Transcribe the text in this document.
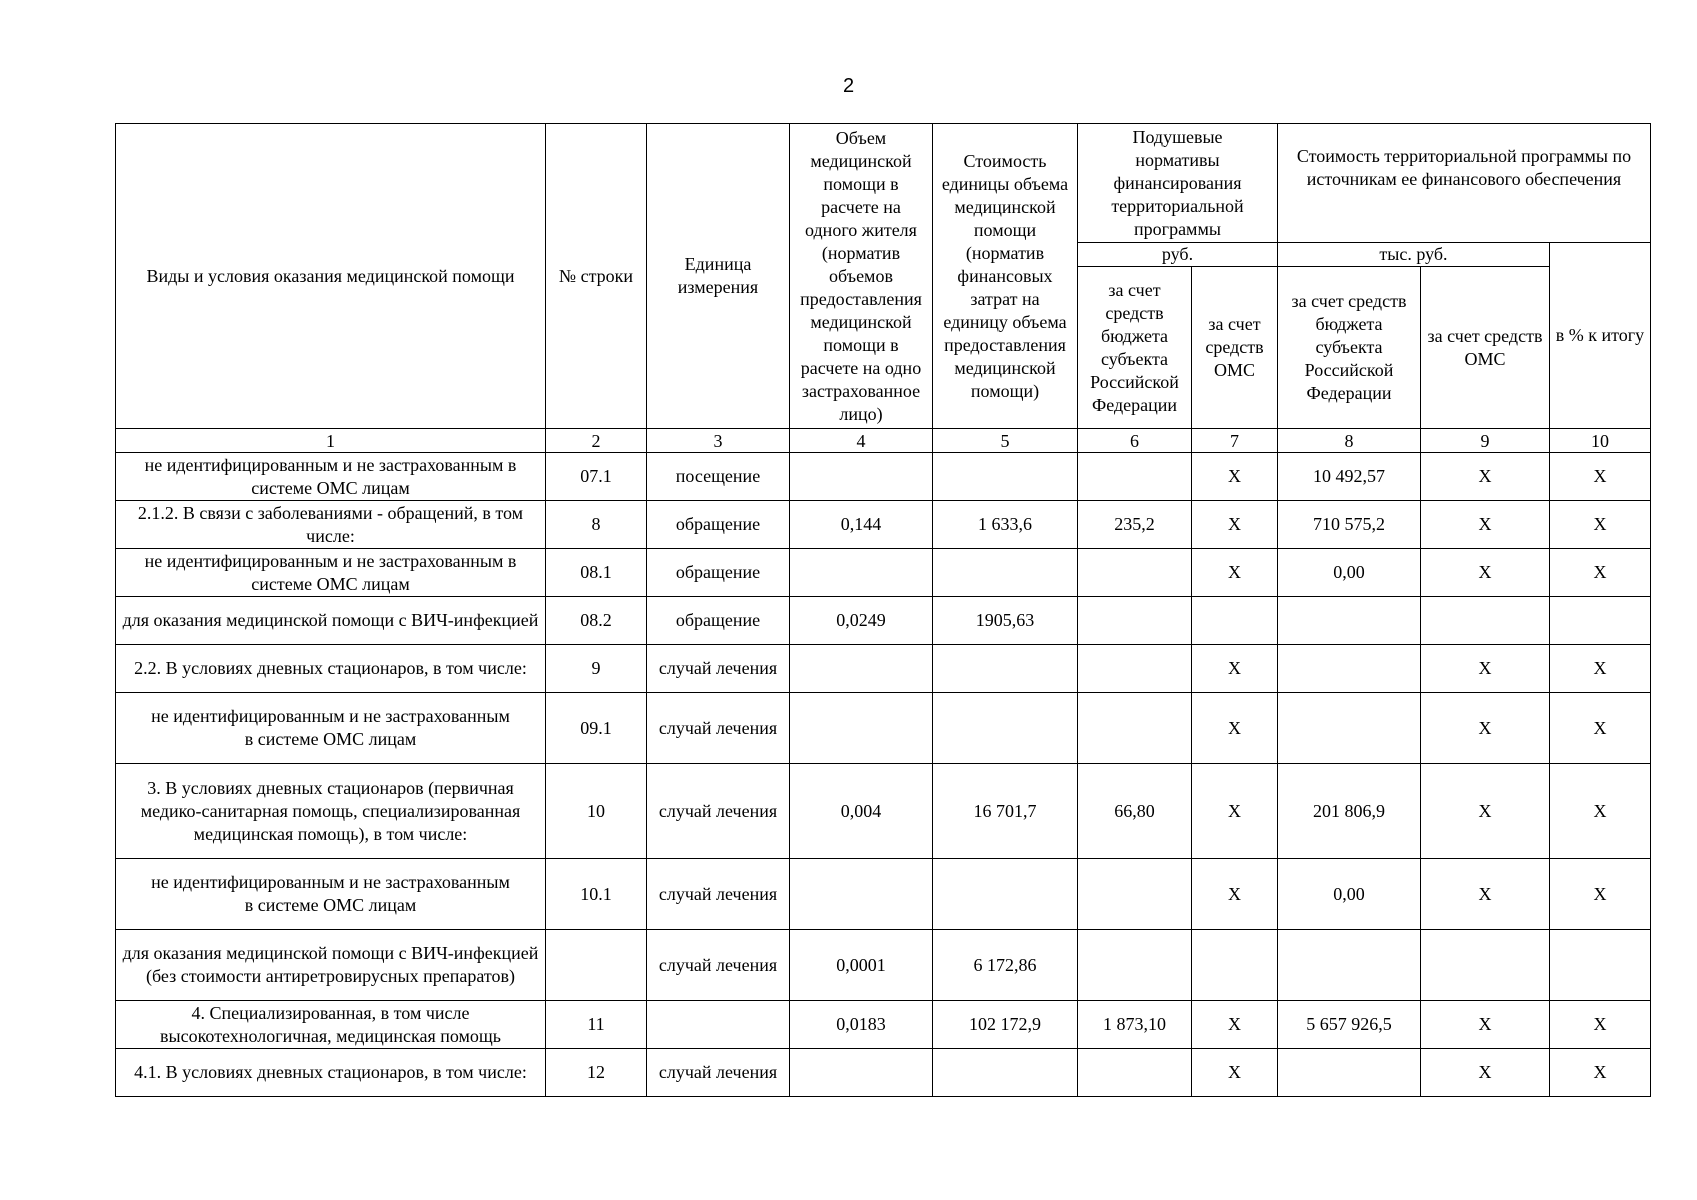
2
Виды и условия оказания медицинской помощи	№ строки	Единица измерения	Объем медицинской помощи в расчете на одного жителя (норматив объемов предоставления медицинской помощи в расчете на одно застрахованное лицо)	Стоимость единицы объема медицинской помощи (норматив финансовых затрат на единицу объема предоставления медицинской помощи)	Подушевые нормативы финансирования территориальной программы		Стоимость территориальной программы по источникам ее финансового обеспечения		
					руб.		тыс. руб.		в % к итогу
					за счет средств бюджета субъекта Российской Федерации	за счет средств ОМС	за счет средств бюджета субъекта Российской Федерации	за счет средств ОМС	
1	2	3	4	5	6	7	8	9	10
не идентифицированным и не застрахованным в системе ОМС лицам	07.1	посещение				X	10 492,57	X	X
2.1.2. В связи с заболеваниями - обращений, в том числе:	8	обращение	0,144	1 633,6	235,2	X	710 575,2	X	X
не идентифицированным и не застрахованным в системе ОМС лицам	08.1	обращение				X	0,00	X	X
для оказания медицинской помощи с ВИЧ-инфекцией	08.2	обращение	0,0249	1905,63					
2.2. В условиях дневных стационаров, в том числе:	9	случай лечения				X		X	X
не идентифицированным и не застрахованным
в системе ОМС лицам	09.1	случай лечения				X		X	X
3. В условиях дневных стационаров (первичная медико-санитарная помощь, специализированная медицинская помощь), в том числе:	10	случай лечения	0,004	16 701,7	66,80	X	201 806,9	X	X
не идентифицированным и не застрахованным
в системе ОМС лицам	10.1	случай лечения				X	0,00	X	X
для оказания медицинской помощи с ВИЧ-инфекцией (без стоимости антиретровирусных препаратов)		случай лечения	0,0001	6 172,86					
4. Специализированная, в том числе высокотехнологичная, медицинская помощь	11		0,0183	102 172,9	1 873,10	X	5 657 926,5	X	X
4.1. В условиях дневных стационаров, в том числе:	12	случай лечения				X		X	X
